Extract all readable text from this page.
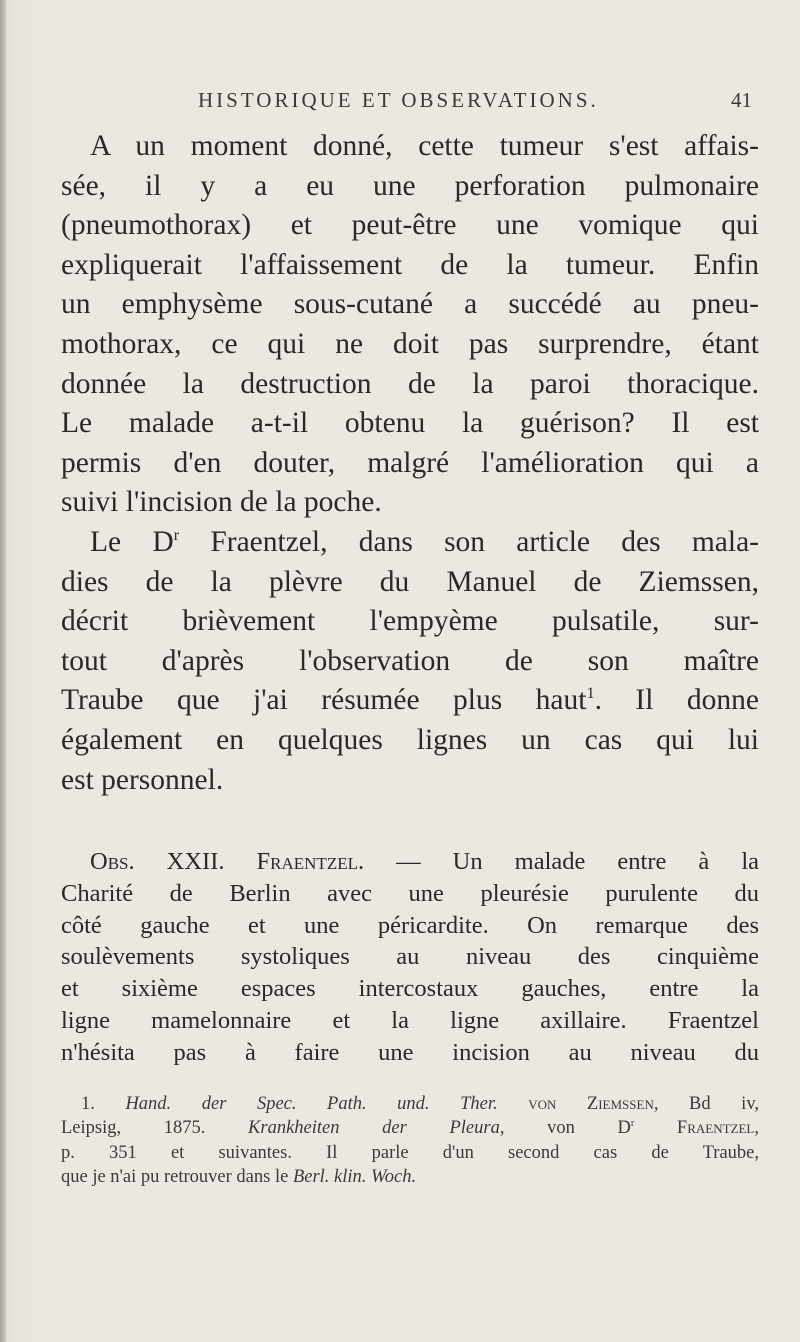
HISTORIQUE ET OBSERVATIONS.	41
A un moment donné, cette tumeur s'est affais-
sée, il y a eu une perforation pulmonaire
(pneumothorax) et peut-être une vomique qui
expliquerait l'affaissement de la tumeur. Enfin
un emphysème sous-cutané a succédé au pneu-
mothorax, ce qui ne doit pas surprendre, étant
donnée la destruction de la paroi thoracique.
Le malade a-t-il obtenu la guérison? Il est
permis d'en douter, malgré l'amélioration qui a
suivi l'incision de la poche.
Le $D^r$ Fraentzel, dans son article des mala-
dies de la plèvre du Manuel de Ziemssen,
décrit brièvement l'empyème pulsatile, sur-
tout d'après l'observation de son maître
Traube que j'ai résumée plus haut$^1$. Il donne
également en quelques lignes un cas qui lui
est personnel.
Obs. XXII. Fraentzel. — Un malade entre à la
Charité de Berlin avec une pleurésie purulente du
côté gauche et une péricardite. On remarque des
soulèvements systoliques au niveau des cinquième
et sixième espaces intercostaux gauches, entre la
ligne mamelonnaire et la ligne axillaire. Fraentzel
n'hésita pas à faire une incision au niveau du
1. Hand. der Spec. Path. und. Ther. von Ziemssen, Bd iv,
Leipsig, 1875. Krankheiten der Pleura, von $D^r$ Fraentzel,
p. 351 et suivantes. Il parle d'un second cas de Traube,
que je n'ai pu retrouver dans le Berl. klin. Woch.
